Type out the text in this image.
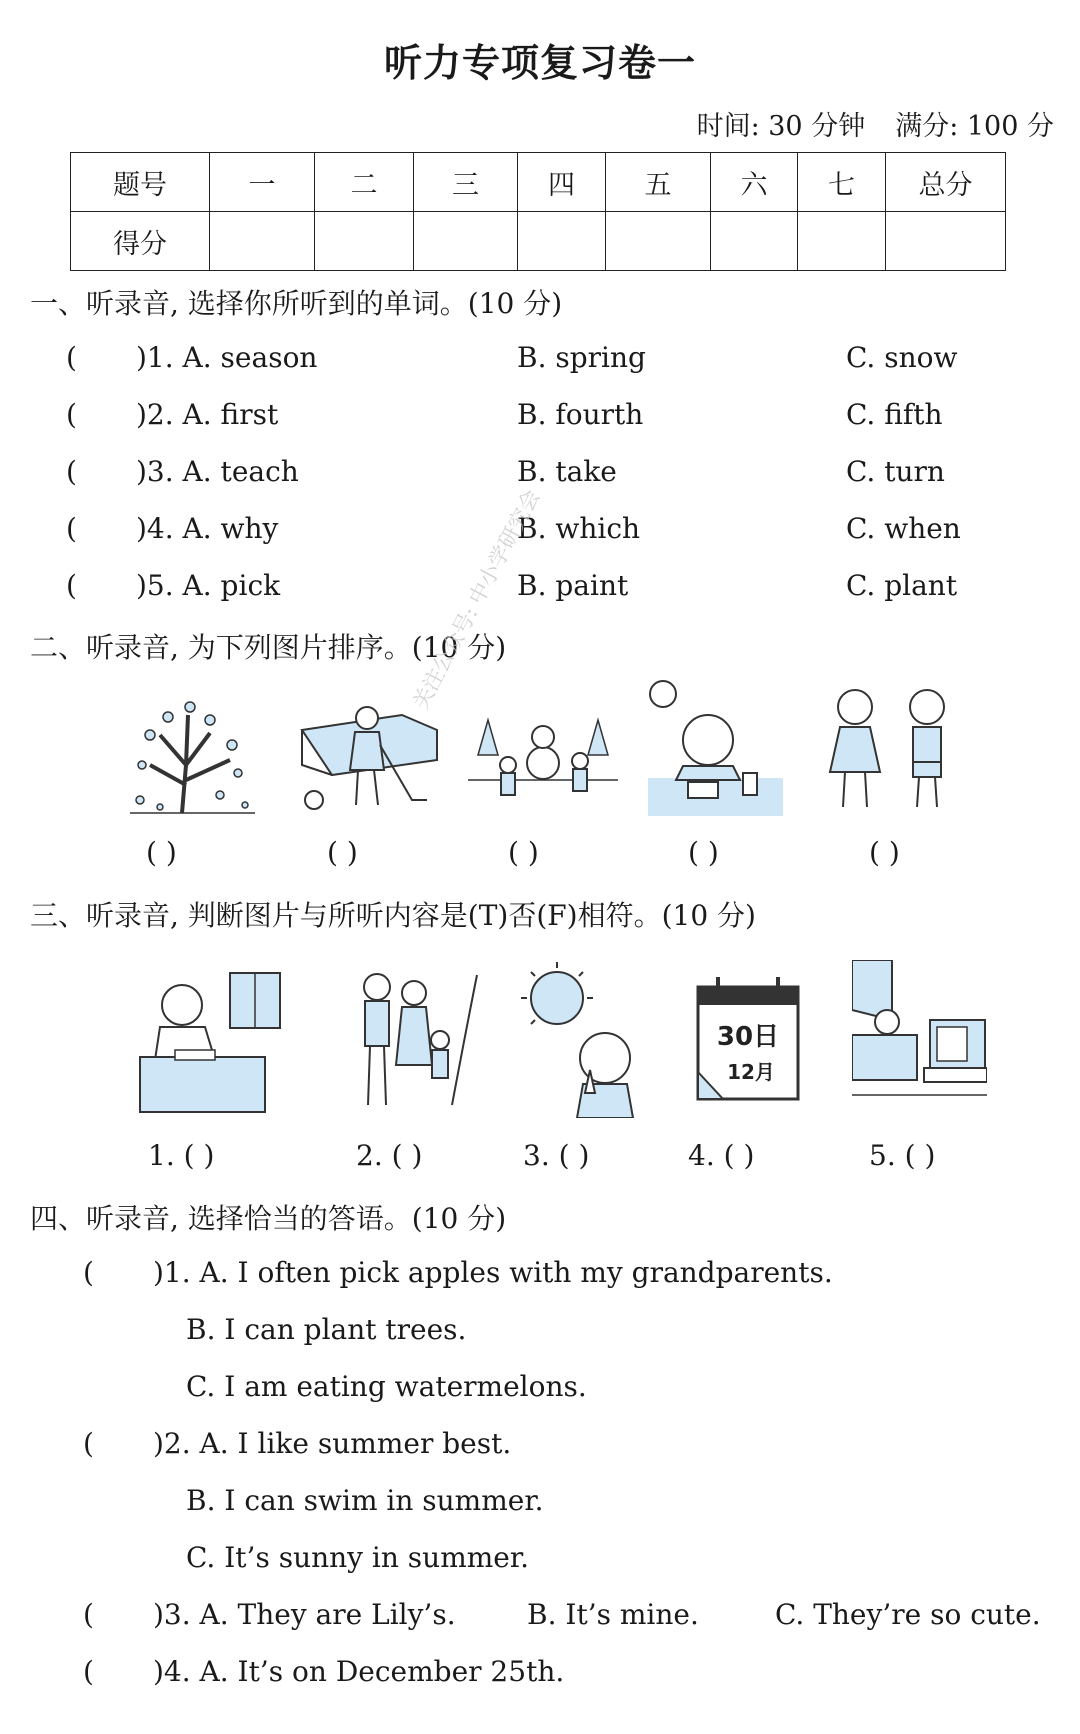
听力专项复习卷一
时间: 30 分钟 满分: 100 分
题号	一	二	三	四	五	六	七	总分
得分								
一、听录音, 选择你所听到的单词。(10 分)
( )1. A. season	B. spring	C. snow
( )2. A. first	B. fourth	C. fifth
( )3. A. teach	B. take	C. turn
( )4. A. why	B. which	C. when
( )5. A. pick	B. paint	C. plant
二、听录音, 为下列图片排序。(10 分)
( )	( )	( )	( )	( )
三、听录音, 判断图片与所听内容是(T)否(F)相符。(10 分)
30日
12月
1. ( )	2. ( )	3. ( )	4. ( )	5. ( )
四、听录音, 选择恰当的答语。(10 分)
( )1. A. I often pick apples with my grandparents.
B. I can plant trees.
C. I am eating watermelons.
( )2. A. I like summer best.
B. I can swim in summer.
C. It’s sunny in summer.
( )3. A. They are Lily’s.	B. It’s mine.	C. They’re so cute.
( )4. A. It’s on December 25th.
关注公众号: 中小学研究会
